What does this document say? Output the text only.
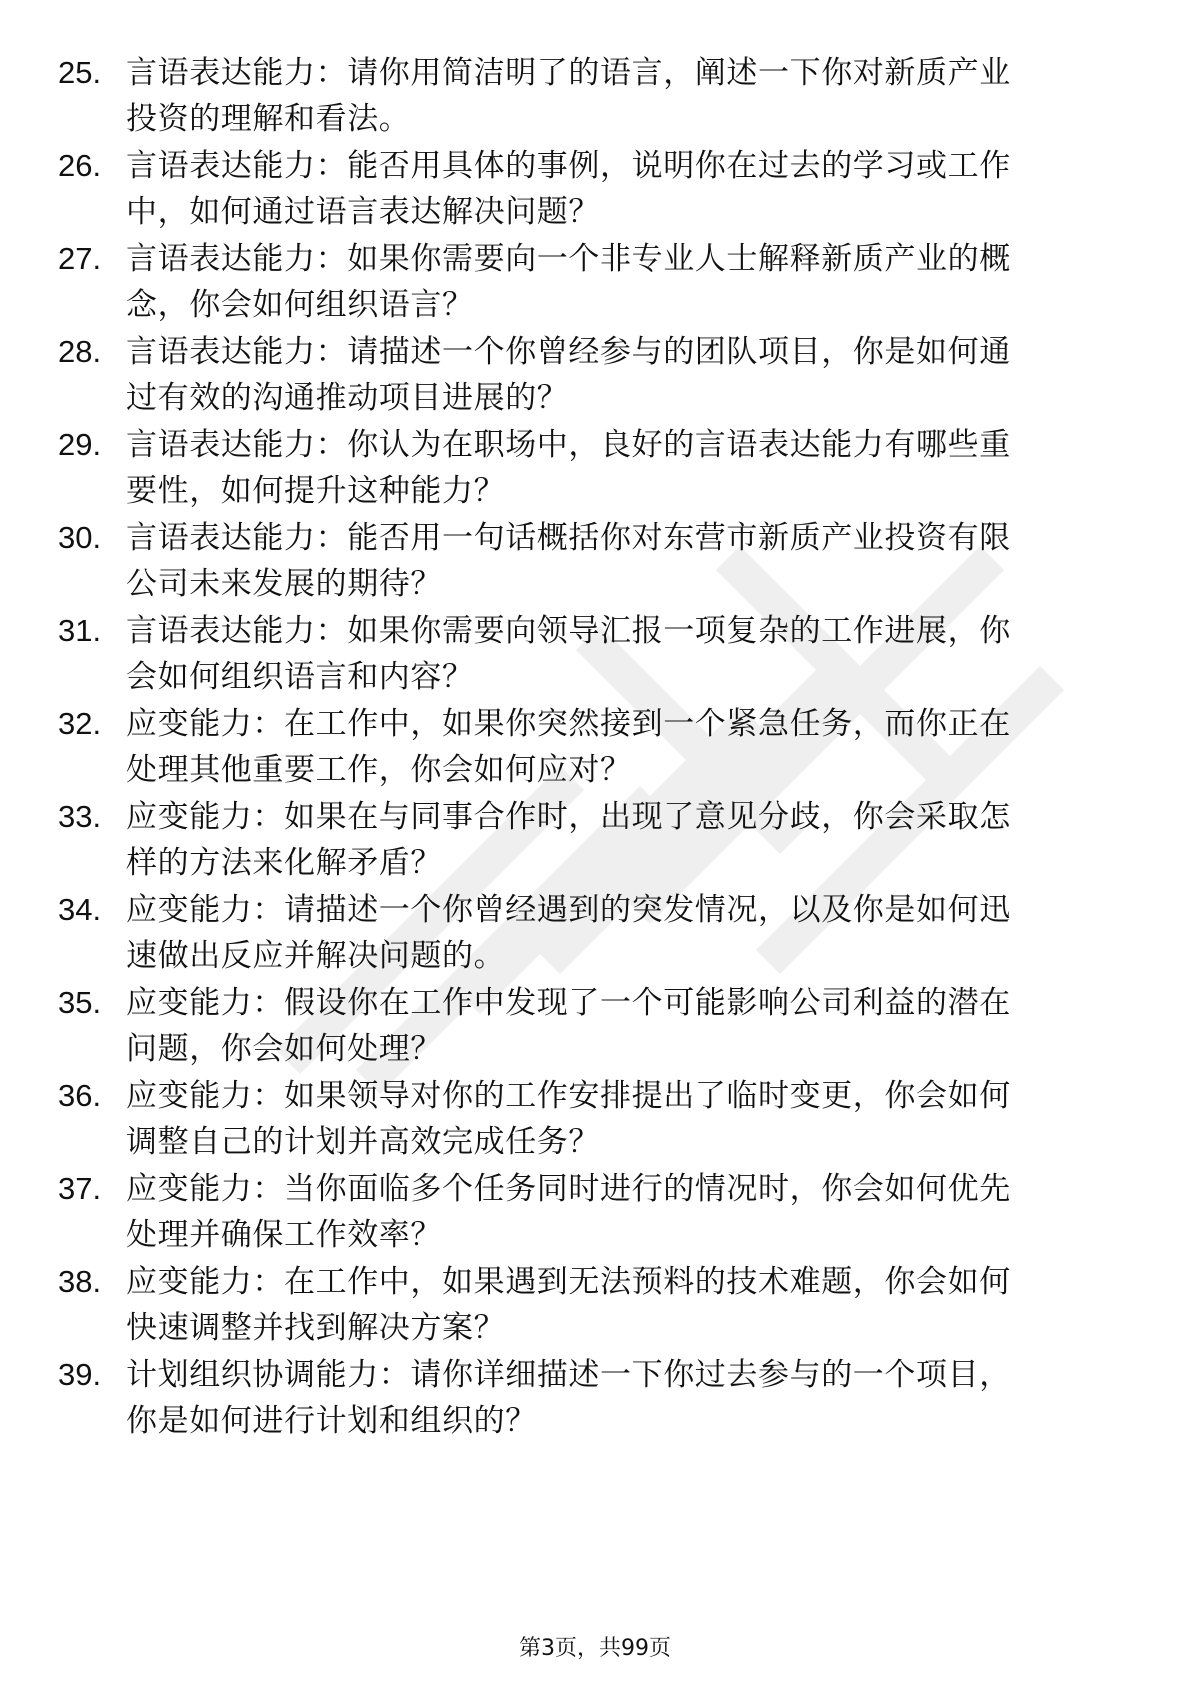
25. 言语表达能力：请你用简洁明了的语言，阐述一下你对新质产业
投资的理解和看法。
26. 言语表达能力：能否用具体的事例，说明你在过去的学习或工作
中，如何通过语言表达解决问题？
27. 言语表达能力：如果你需要向一个非专业人士解释新质产业的概
念，你会如何组织语言？
28. 言语表达能力：请描述一个你曾经参与的团队项目，你是如何通
过有效的沟通推动项目进展的？
29. 言语表达能力：你认为在职场中，良好的言语表达能力有哪些重
要性，如何提升这种能力？
30. 言语表达能力：能否用一句话概括你对东营市新质产业投资有限
公司未来发展的期待？
31. 言语表达能力：如果你需要向领导汇报一项复杂的工作进展，你
会如何组织语言和内容？
32. 应变能力：在工作中，如果你突然接到一个紧急任务，而你正在
处理其他重要工作，你会如何应对？
33. 应变能力：如果在与同事合作时，出现了意见分歧，你会采取怎
样的方法来化解矛盾？
34. 应变能力：请描述一个你曾经遇到的突发情况，以及你是如何迅
速做出反应并解决问题的。
35. 应变能力：假设你在工作中发现了一个可能影响公司利益的潜在
问题，你会如何处理？
36. 应变能力：如果领导对你的工作安排提出了临时变更，你会如何
调整自己的计划并高效完成任务？
37. 应变能力：当你面临多个任务同时进行的情况时，你会如何优先
处理并确保工作效率？
38. 应变能力：在工作中，如果遇到无法预料的技术难题，你会如何
快速调整并找到解决方案？
39. 计划组织协调能力：请你详细描述一下你过去参与的一个项目，
你是如何进行计划和组织的？
第3页，共99页
